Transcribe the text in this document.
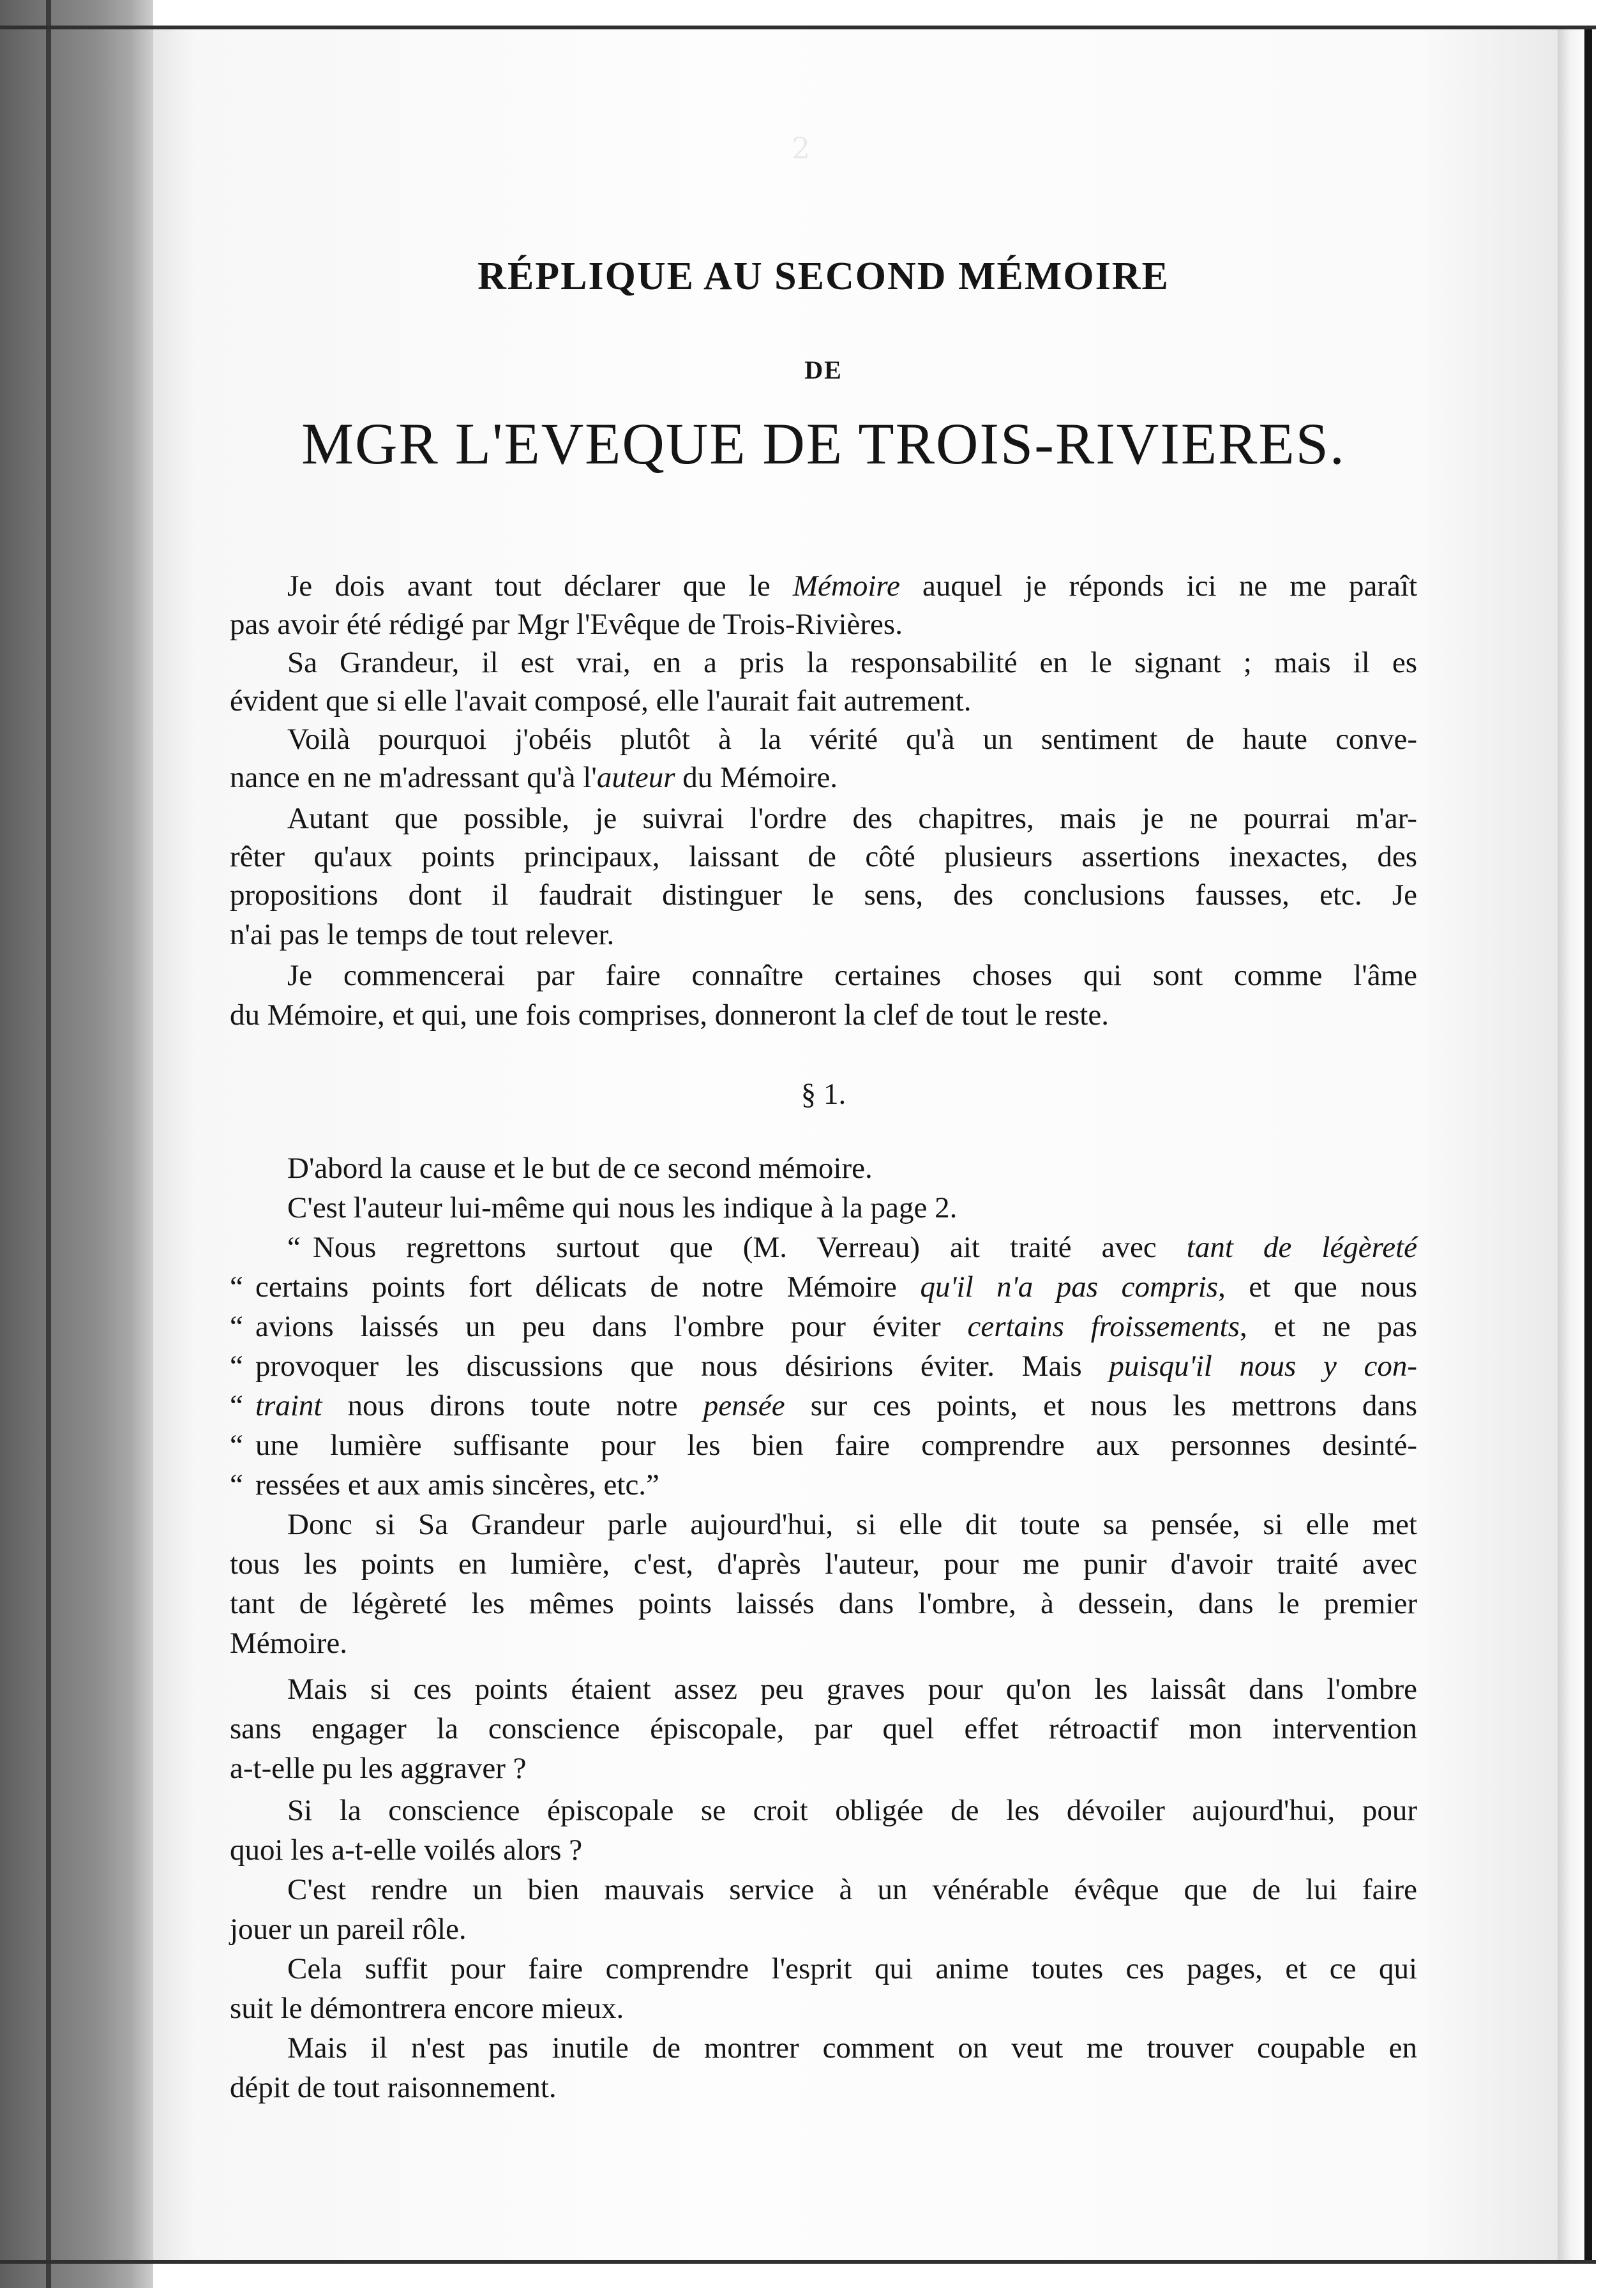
2
RÉPLIQUE AU SECOND MÉMOIRE
DE
MGR L'EVEQUE DE TROIS-RIVIERES.
Je dois avant tout déclarer que le Mémoire auquel je réponds ici ne me paraît
pas avoir été rédigé par Mgr l'Evêque de Trois-Rivières.
Sa Grandeur, il est vrai, en a pris la responsabilité en le signant ; mais il es
évident que si elle l'avait composé, elle l'aurait fait autrement.
Voilà pourquoi j'obéis plutôt à la vérité qu'à un sentiment de haute conve-
nance en ne m'adressant qu'à l'auteur du Mémoire.
Autant que possible, je suivrai l'ordre des chapitres, mais je ne pourrai m'ar-
rêter qu'aux points principaux, laissant de côté plusieurs assertions inexactes, des
propositions dont il faudrait distinguer le sens, des conclusions fausses, etc. Je
n'ai pas le temps de tout relever.
Je commencerai par faire connaître certaines choses qui sont comme l'âme
du Mémoire, et qui, une fois comprises, donneront la clef de tout le reste.
§ 1.
D'abord la cause et le but de ce second mémoire.
C'est l'auteur lui-même qui nous les indique à la page 2.
“ Nous regrettons surtout que (M. Verreau) ait traité avec tant de légèreté
“ certains points fort délicats de notre Mémoire qu'il n'a pas compris, et que nous
“ avions laissés un peu dans l'ombre pour éviter certains froissements, et ne pas
“ provoquer les discussions que nous désirions éviter. Mais puisqu'il nous y con-
“ traint nous dirons toute notre pensée sur ces points, et nous les mettrons dans
“ une lumière suffisante pour les bien faire comprendre aux personnes desinté-
“ ressées et aux amis sincères, etc.”
Donc si Sa Grandeur parle aujourd'hui, si elle dit toute sa pensée, si elle met
tous les points en lumière, c'est, d'après l'auteur, pour me punir d'avoir traité avec
tant de légèreté les mêmes points laissés dans l'ombre, à dessein, dans le premier
Mémoire.
Mais si ces points étaient assez peu graves pour qu'on les laissât dans l'ombre
sans engager la conscience épiscopale, par quel effet rétroactif mon intervention
a-t-elle pu les aggraver ?
Si la conscience épiscopale se croit obligée de les dévoiler aujourd'hui, pour
quoi les a-t-elle voilés alors ?
C'est rendre un bien mauvais service à un vénérable évêque que de lui faire
jouer un pareil rôle.
Cela suffit pour faire comprendre l'esprit qui anime toutes ces pages, et ce qui
suit le démontrera encore mieux.
Mais il n'est pas inutile de montrer comment on veut me trouver coupable en
dépit de tout raisonnement.
